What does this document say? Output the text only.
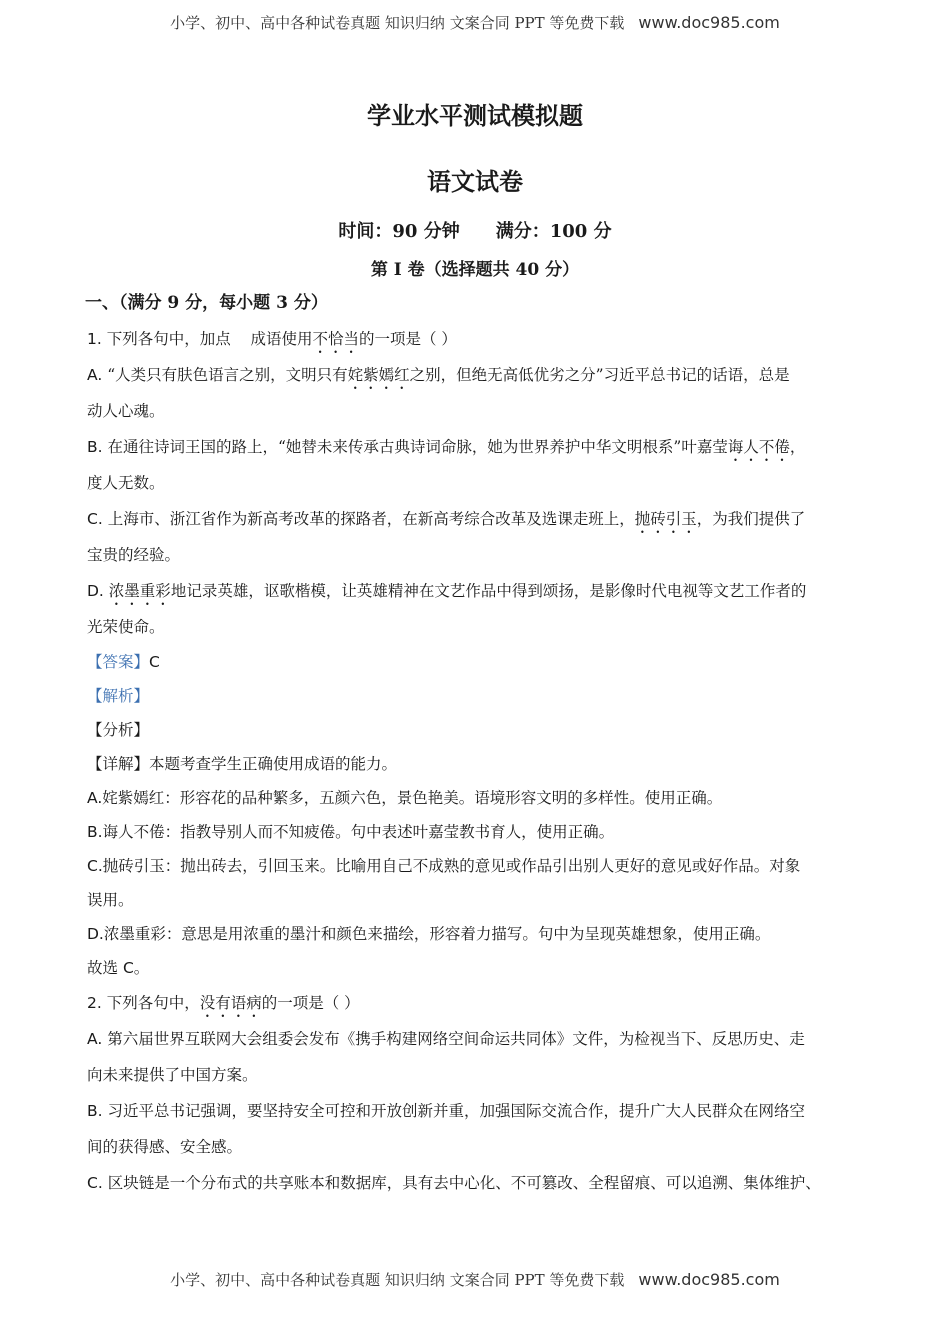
小学、初中、高中各种试卷真题 知识归纳 文案合同 PPT 等免费下载 www.doc985.com
学业水平测试模拟题
语文试卷
时间：90 分钟 满分：100 分
第 I 卷（选择题共 40 分）
一、（满分 9 分，每小题 3 分）

1. 下列各句中，加点 成语使用不恰当的一项是（ ）

A. “人类只有肤色语言之别，文明只有姹紫嫣红之别，但绝无高低优劣之分”习近平总书记的话语，总是

动人心魂。

B. 在通往诗词王国的路上，“她替未来传承古典诗词命脉，她为世界养护中华文明根系”叶嘉莹诲人不倦，

度人无数。

C. 上海市、浙江省作为新高考改革的探路者，在新高考综合改革及选课走班上，抛砖引玉，为我们提供了

宝贵的经验。

D. 浓墨重彩地记录英雄，讴歌楷模，让英雄精神在文艺作品中得到颂扬，是影像时代电视等文艺工作者的

光荣使命。

【答案】C

【解析】

【分析】

【详解】本题考查学生正确使用成语的能力。

A.姹紫嫣红：形容花的品种繁多，五颜六色，景色艳美。语境形容文明的多样性。使用正确。

B.诲人不倦：指教导别人而不知疲倦。句中表述叶嘉莹教书育人，使用正确。

C.抛砖引玉：抛出砖去，引回玉来。比喻用自己不成熟的意见或作品引出别人更好的意见或好作品。对象

误用。

D.浓墨重彩：意思是用浓重的墨汁和颜色来描绘，形容着力描写。句中为呈现英雄想象，使用正确。

故选 C。

2. 下列各句中，没有语病的一项是（ ）

A. 第六届世界互联网大会组委会发布《携手构建网络空间命运共同体》文件，为检视当下、反思历史、走

向未来提供了中国方案。

B. 习近平总书记强调，要坚持安全可控和开放创新并重，加强国际交流合作，提升广大人民群众在网络空

间的获得感、安全感。

C. 区块链是一个分布式的共享账本和数据库，具有去中心化、不可篡改、全程留痕、可以追溯、集体维护、

小学、初中、高中各种试卷真题 知识归纳 文案合同 PPT 等免费下载 www.doc985.com
